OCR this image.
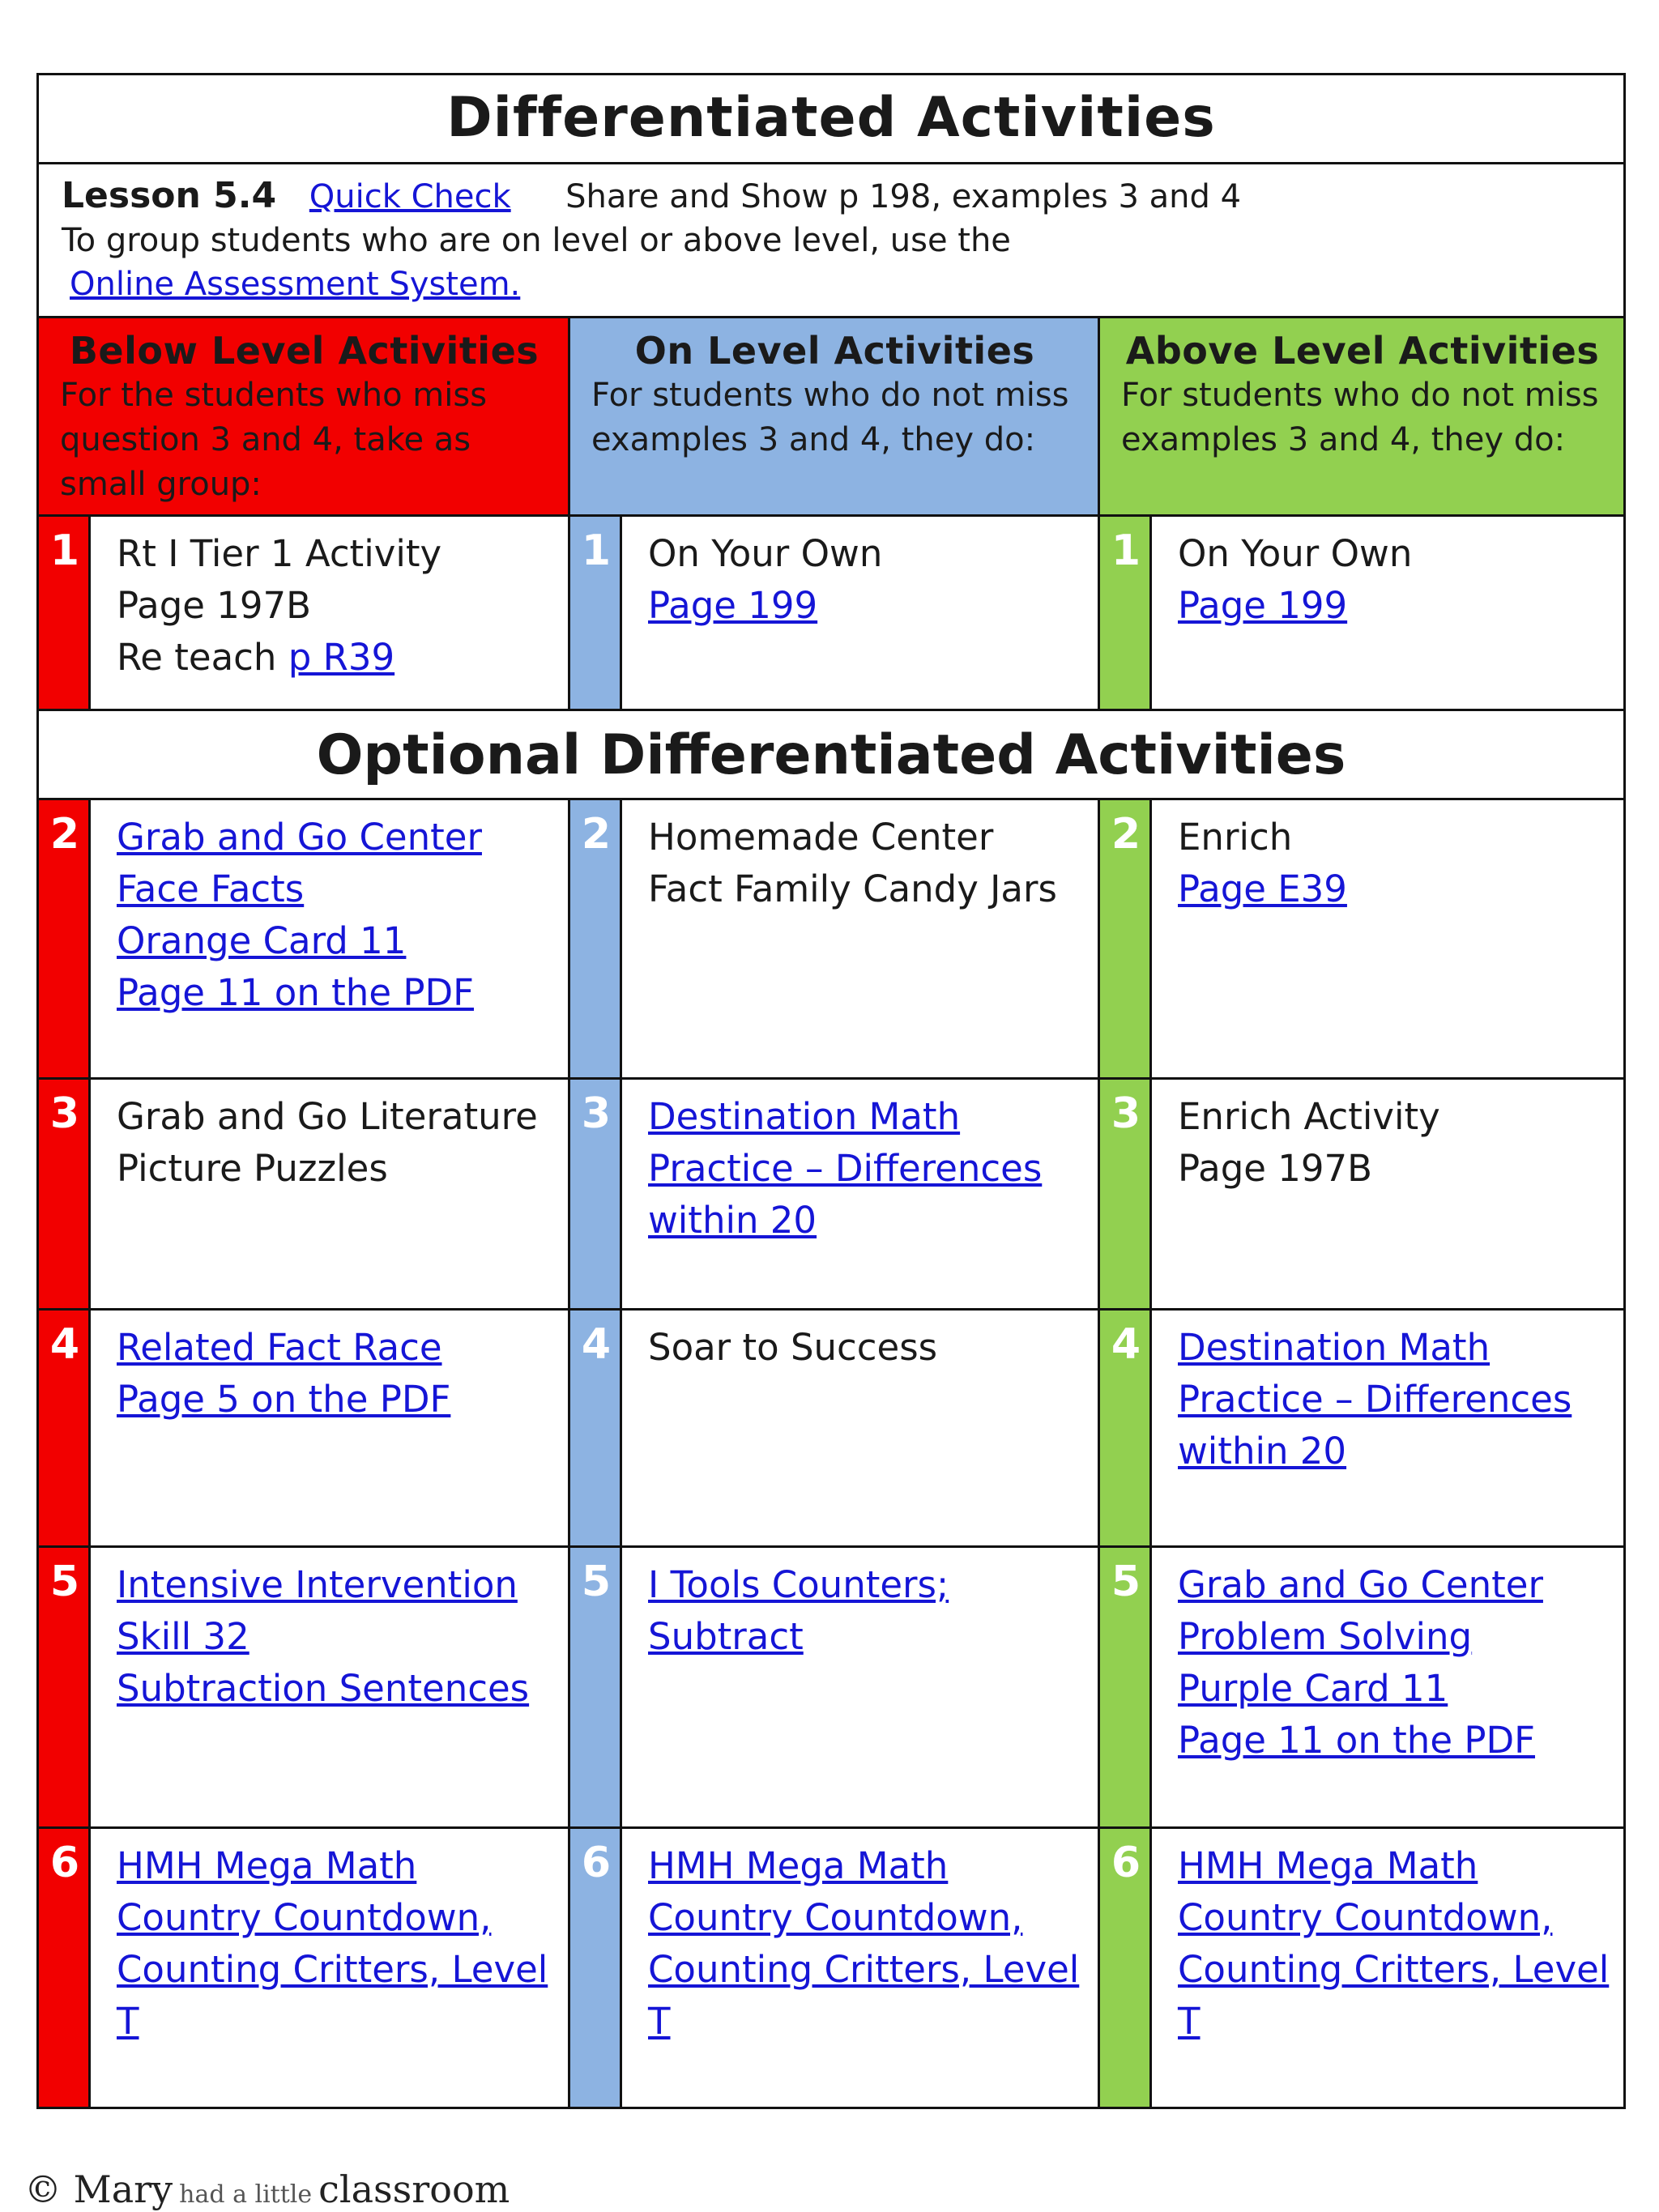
Differentiated Activities
Lesson 5.4 Quick Check Share and Show p 198, examples 3 and 4
To group students who are on level or above level, use the
Online Assessment System.
Below Level Activities
For the students who miss question 3 and 4, take as small group:
On Level Activities
For students who do not miss examples 3 and 4, they do:
Above Level Activities
For students who do not miss examples 3 and 4, they do:
1	Rt I Tier 1 Activity
Page 197B
Re teach p R39
1	On Your Own
Page 199
1	On Your Own
Page 199
Optional Differentiated Activities
2	Grab and Go Center
Face Facts
Orange Card 11
Page 11 on the PDF
2	Homemade Center
Fact Family Candy Jars
2	Enrich
Page E39
3	Grab and Go Literature
Picture Puzzles
3	Destination Math
Practice – Differences
within 20
3	Enrich Activity
Page 197B
4	Related Fact Race
Page 5 on the PDF
4	Soar to Success	4	Destination Math
Practice – Differences
within 20
5	Intensive Intervention
Skill 32
Subtraction Sentences
5	I Tools Counters;
Subtract
5	Grab and Go Center
Problem Solving
Purple Card 11
Page 11 on the PDF
6	HMH Mega Math
Country Countdown,
Counting Critters, Level
T
6	HMH Mega Math
Country Countdown,
Counting Critters, Level
T
6	HMH Mega Math
Country Countdown,
Counting Critters, Level
T
© Mary had a little classroom
